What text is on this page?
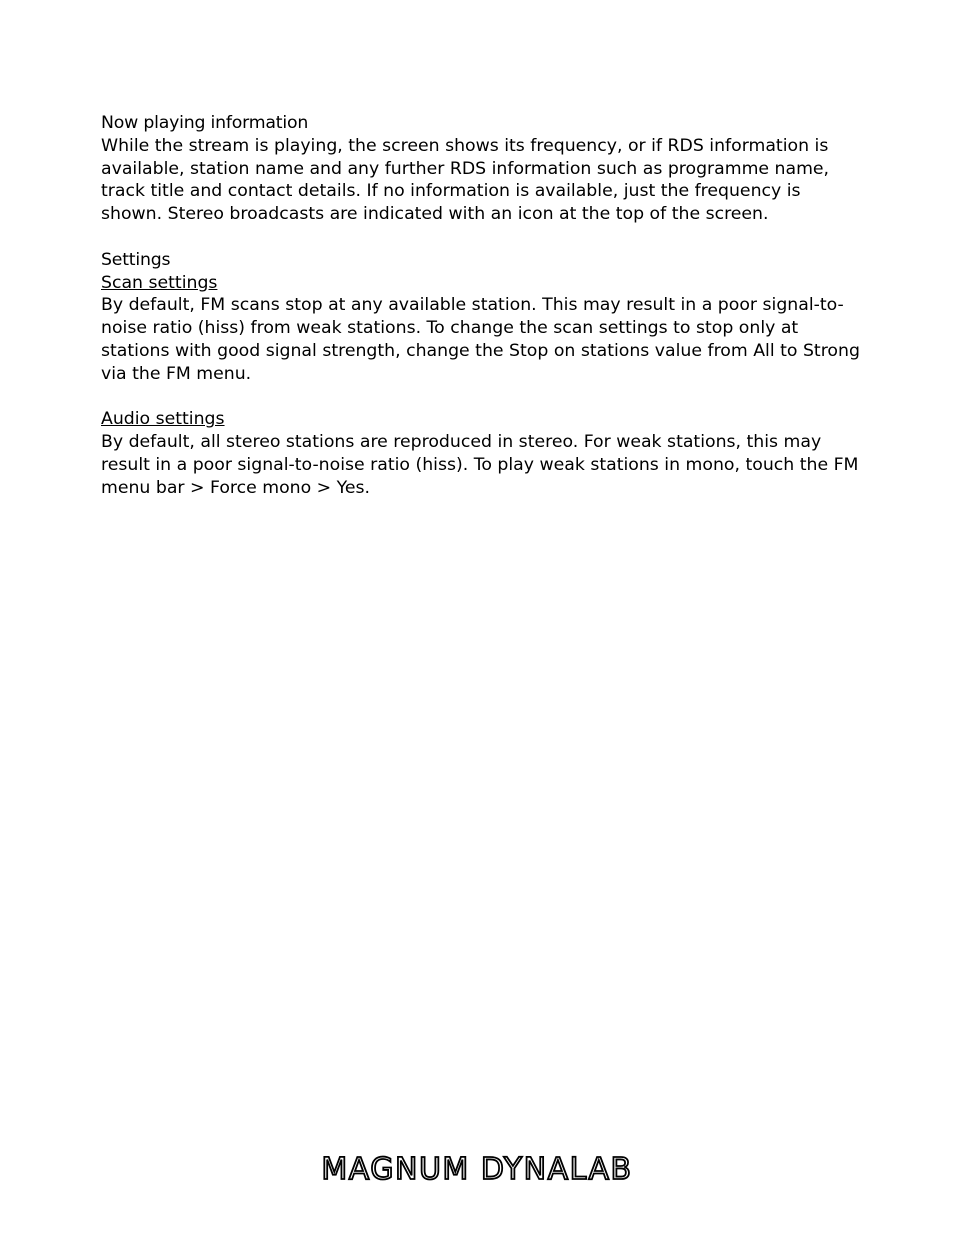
Now playing information

While the stream is playing, the screen shows its frequency, or if RDS information is available, station name and any further RDS information such as programme name, track title and contact details. If no information is available, just the frequency is shown. Stereo broadcasts are indicated with an icon at the top of the screen.

Settings

Scan settings

By default, FM scans stop at any available station. This may result in a poor signal-to-noise ratio (hiss) from weak stations. To change the scan settings to stop only at stations with good signal strength, change the Stop on stations value from All to Strong via the FM menu.

Audio settings

By default, all stereo stations are reproduced in stereo. For weak stations, this may result in a poor signal-to-noise ratio (hiss). To play weak stations in mono, touch the FM menu bar > Force mono > Yes.

MAGNUM DYNALAB
